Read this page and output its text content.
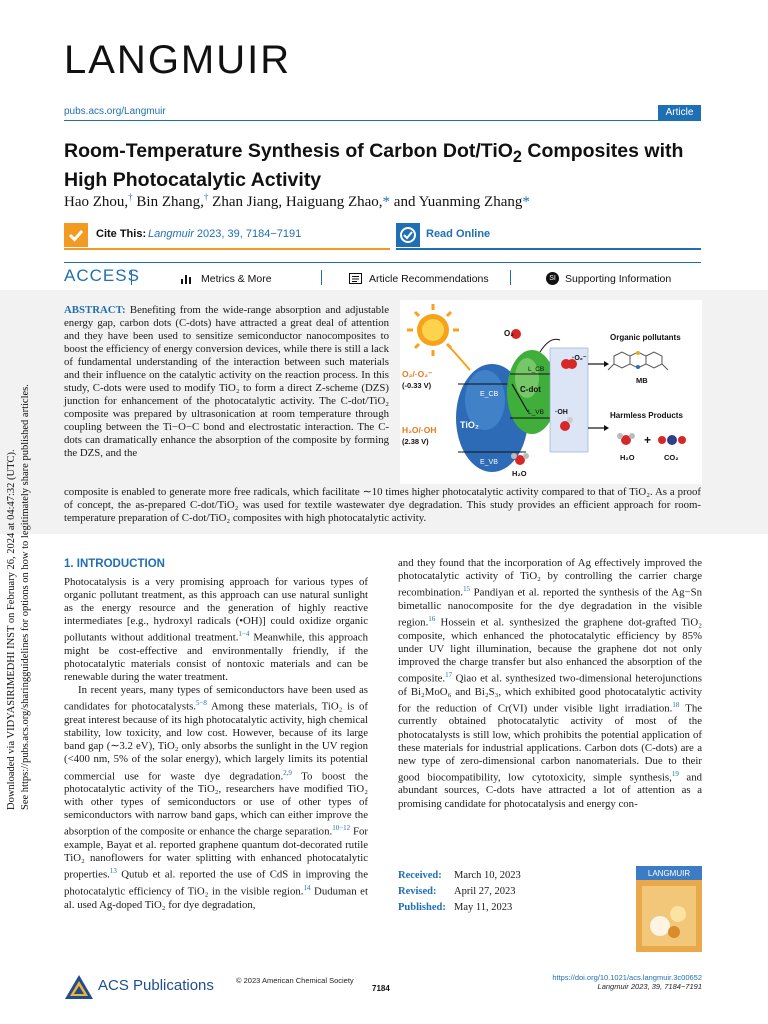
LANGMUIR
pubs.acs.org/Langmuir	Article
Room-Temperature Synthesis of Carbon Dot/TiO$_2$ Composites with High Photocatalytic Activity
Hao Zhou,† Bin Zhang,† Zhan Jiang, Haiguang Zhao,* and Yuanming Zhang*
Cite This: Langmuir 2023, 39, 7184−7191	Read Online
ACCESS	Metrics & More	Article Recommendations	SI Supporting Information
ABSTRACT: Benefiting from the wide-range absorption and adjustable energy gap, carbon dots (C-dots) have attracted a great deal of attention and they have been used to sensitize semiconductor nanocomposites to boost the efficiency of energy conversion devices, while there is still a lack of fundamental understanding of the interaction between such materials and their influence on the catalytic activity on the reaction process. In this study, C-dots were used to modify TiO₂ to form a direct Z-scheme (DZS) junction for enhancement of the photocatalytic activity. The C-dot/TiO₂ composite was prepared by ultrasonication at room temperature through coupling between the Ti−O−C bond and electrostatic interaction. The C-dots can dramatically enhance the absorption of the composite by forming the DZS, and the
composite is enabled to generate more free radicals, which facilitate ∼10 times higher photocatalytic activity compared to that of TiO₂. As a proof of concept, the as-prepared C-dot/TiO₂ was used for textile wastewater dye degradation. This study provides an efficient approach for room-temperature preparation of C-dot/TiO₂ composites with high photocatalytic activity.
O₂/·O₂⁻
(-0.33 V)
H₂O/·OH
(2.38 V)
E_CB
E_VB
TiO₂
C-dot
L_VB
L_CB
O₂
·O₂⁻
·OH
H₂O
Organic pollutants
MB
Harmless Products
+
H₂O	CO₂
Downloaded via VIDYASIRIMEDHI INST on February 26, 2024 at 04:47:32 (UTC). See https://pubs.acs.org/sharingguidelines for options on how to legitimately share published articles.	1. INTRODUCTION

Photocatalysis is a very promising approach for various types of organic pollutant treatment, as this approach can use natural sunlight as the energy resource and the generation of highly reactive intermediates [e.g., hydroxyl radicals (•OH)] could oxidize organic pollutants without additional treatment.$^{1-4}$ Meanwhile, this approach might be cost-effective and environmentally friendly, if the photocatalytic materials consist of nontoxic materials and can be renewable during the water treatment.

In recent years, many types of semiconductors have been used as candidates for photocatalysts.$^{5-8}$ Among these materials, TiO₂ is of great interest because of its high photocatalytic activity, high chemical stability, low toxicity, and low cost. However, because of its large band gap (∼3.2 eV), TiO₂ only absorbs the sunlight in the UV region (<400 nm, 5% of the solar energy), which largely limits its potential commercial use for waste dye degradation.$^{2,9}$ To boost the photocatalytic activity of the TiO₂, researchers have modified TiO₂ with other types of semiconductors or use of other types of semiconductors with narrow band gaps, which can either improve the absorption of the composite or enhance the charge separation.$^{10-12}$ For example, Bayat et al. reported graphene quantum dot-decorated rutile TiO₂ nanoflowers for water splitting with enhanced photocatalytic properties.$^{13}$ Qutub et al. reported the use of CdS in improving the photocatalytic efficiency of TiO₂ in the visible region.$^{14}$ Duduman et al. used Ag-doped TiO₂ for dye degradation,

and they found that the incorporation of Ag effectively improved the photocatalytic activity of TiO₂ by controlling the carrier charge recombination.$^{15}$ Pandiyan et al. reported the synthesis of the Ag−Sn bimetallic nanocomposite for the dye degradation in the visible region.$^{16}$ Hossein et al. synthesized the graphene dot-grafted TiO₂ composite, which enhanced the photocatalytic efficiency by 85% under UV light illumination, because the graphene dot not only improved the charge transfer but also enhanced the absorption of the composite.$^{17}$ Qiao et al. synthesized two-dimensional heterojunctions of Bi₂MoO₆ and Bi₂S₃, which exhibited good photocatalytic activity for the reduction of Cr(VI) under visible light irradiation.$^{18}$ The currently obtained photocatalytic activity of most of the photocatalysts is still low, which prohibits the potential application of these materials for industrial applications. Carbon dots (C-dots) are a new type of zero-dimensional carbon nanomaterials. Due to their good biocompatibility, low cytotoxicity, simple synthesis,$^{19}$ and abundant sources, C-dots have attracted a lot of attention as a promising candidate for photocatalysis and energy con-

Received: March 10, 2023
Revised: April 27, 2023
Published: May 11, 2023
LANGMUIR
ACS Publications	© 2023 American Chemical Society
7184
https://doi.org/10.1021/acs.langmuir.3c00652
Langmuir 2023, 39, 7184−7191
